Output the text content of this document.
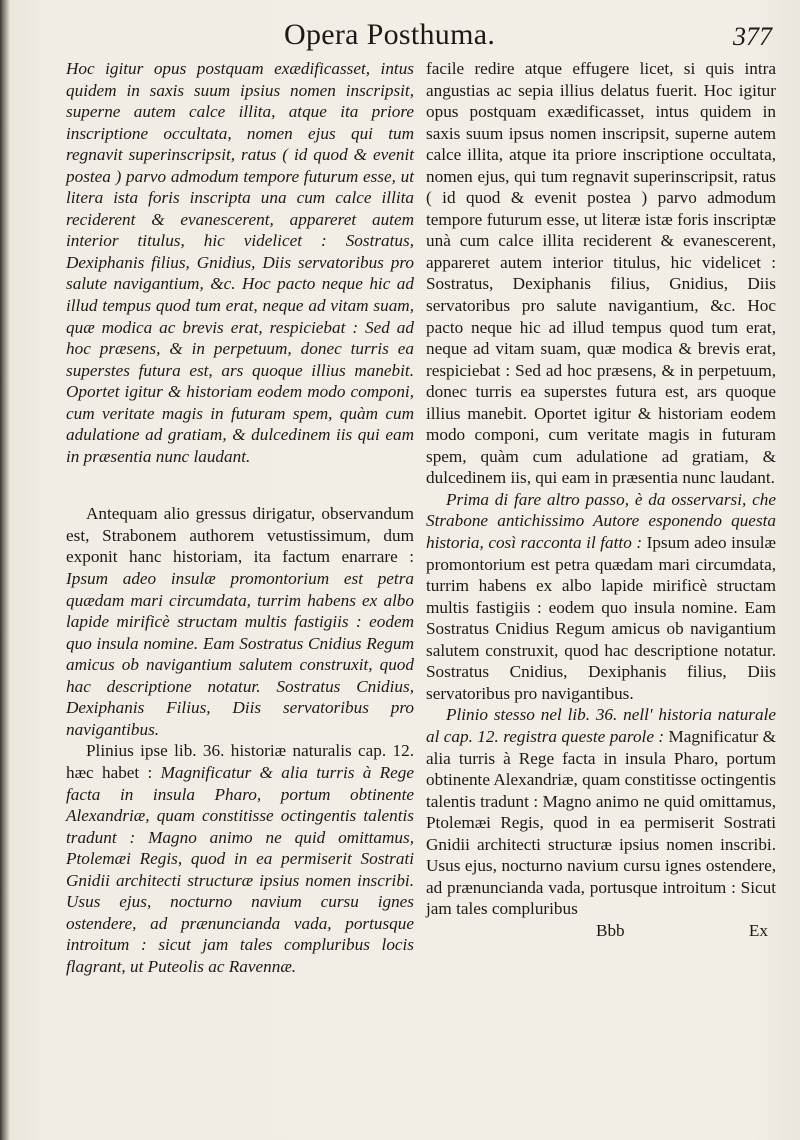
Opera Posthuma.	377

Hoc igitur opus postquam exædificasset, intus quidem in saxis suum ipsius nomen inscripsit, superne autem calce illita, atque ita priore inscriptione occultata, nomen ejus qui tum regnavit superinscripsit, ratus ( id quod & evenit postea ) parvo admodum tempore futurum esse, ut litera ista foris inscripta una cum calce illita reciderent & evanescerent, appareret autem interior titulus, hic videlicet : Sostratus, Dexiphanis filius, Gnidius, Diis servatoribus pro salute navigantium, &c. Hoc pacto neque hic ad illud tempus quod tum erat, neque ad vitam suam, quæ modica ac brevis erat, respiciebat : Sed ad hoc præsens, & in perpetuum, donec turris ea superstes futura est, ars quoque illius manebit. Oportet igitur & historiam eodem modo componi, cum veritate magis in futuram spem, quàm cum adulatione ad gratiam, & dulcedinem iis qui eam in præsentia nunc laudant.

Antequam alio gressus dirigatur, observandum est, Strabonem authorem vetustissimum, dum exponit hanc historiam, ita factum enarrare : Ipsum adeo insulæ promontorium est petra quædam mari circumdata, turrim habens ex albo lapide mirificè structam multis fastigiis : eodem quo insula nomine. Eam Sostratus Cnidius Regum amicus ob navigantium salutem construxit, quod hac descriptione notatur. Sostratus Cnidius, Dexiphanis Filius, Diis servatoribus pro navigantibus.

Plinius ipse lib. 36. historiæ naturalis cap. 12. hæc habet : Magnificatur & alia turris à Rege facta in insula Pharo, portum obtinente Alexandriæ, quam constitisse octingentis talentis tradunt : Magno animo ne quid omittamus, Ptolemæi Regis, quod in ea permiserit Sostrati Gnidii architecti structuræ ipsius nomen inscribi. Usus ejus, nocturno navium cursu ignes ostendere, ad prænuncianda vada, portusque introitum : sicut jam tales compluribus locis flagrant, ut Puteolis ac Ravennæ.

facile redire atque effugere licet, si quis intra angustias ac sepia illius delatus fuerit. Hoc igitur opus postquam exædificasset, intus quidem in saxis suum ipsus nomen inscripsit, superne autem calce illita, atque ita priore inscriptione occultata, nomen ejus, qui tum regnavit superinscripsit, ratus ( id quod & evenit postea ) parvo admodum tempore futurum esse, ut literæ istæ foris inscriptæ unà cum calce illita reciderent & evanescerent, appareret autem interior titulus, hic videlicet : Sostratus, Dexiphanis filius, Gnidius, Diis servatoribus pro salute navigantium, &c. Hoc pacto neque hic ad illud tempus quod tum erat, neque ad vitam suam, quæ modica & brevis erat, respiciebat : Sed ad hoc præsens, & in perpetuum, donec turris ea superstes futura est, ars quoque illius manebit. Oportet igitur & historiam eodem modo componi, cum veritate magis in futuram spem, quàm cum adulatione ad gratiam, & dulcedinem iis, qui eam in præsentia nunc laudant.

Prima di fare altro passo, è da osservarsi, che Strabone antichissimo Autore esponendo questa historia, così racconta il fatto : Ipsum adeo insulæ promontorium est petra quædam mari circumdata, turrim habens ex albo lapide mirificè structam multis fastigiis : eodem quo insula nomine. Eam Sostratus Cnidius Regum amicus ob navigantium salutem construxit, quod hac descriptione notatur. Sostratus Cnidius, Dexiphanis filius, Diis servatoribus pro navigantibus.

Plinio stesso nel lib. 36. nell' historia naturale al cap. 12. registra queste parole : Magnificatur & alia turris à Rege facta in insula Pharo, portum obtinente Alexandriæ, quam constitisse octingentis talentis tradunt : Magno animo ne quid omittamus, Ptolemæi Regis, quod in ea permiserit Sostrati Gnidii architecti structuræ ipsius nomen inscribi. Usus ejus, nocturno navium cursu ignes ostendere, ad prænuncianda vada, portusque introitum : Sicut jam tales compluribus

Bbb	Ex
